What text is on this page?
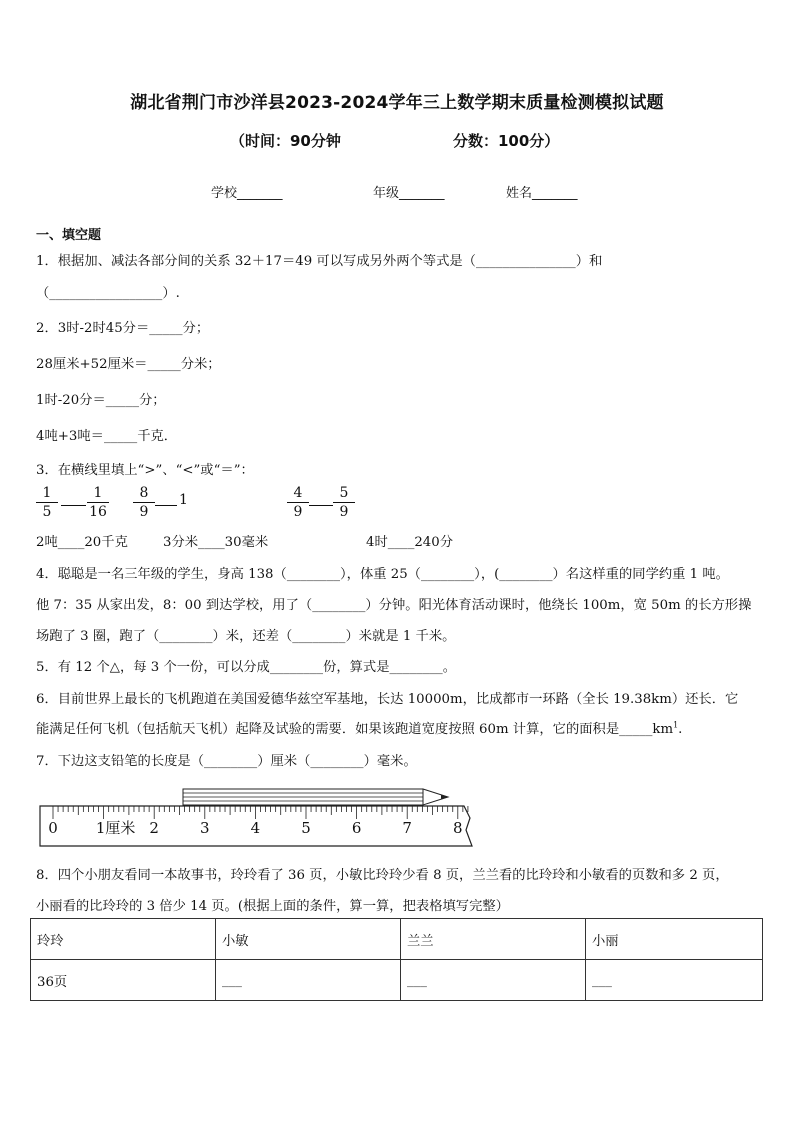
湖北省荆门市沙洋县2023-2024学年三上数学期末质量检测模拟试题
（时间：90分钟	分数：100分）
学校_______	年级_______	姓名_______
一、填空题
1．根据加、减法各部分间的关系 32＋17＝49 可以写成另外两个等式是（_______________）和
（_________________）.
2．3时-2时45分＝_____分；
28厘米+52厘米＝_____分米；
1时-20分＝_____分；
4吨+3吨＝_____千克．
3．在横线里填上“>”、“<”或“＝”：
$\frac{1}{5} \frac{1}{16} \frac{8}{9} 1$	$\frac{4}{9} \frac{5}{9}$
2吨____20千克	3分米____30毫米	4时____240分
4．聪聪是一名三年级的学生，身高 138（________），体重 25（________），(________）名这样重的同学约重 1 吨。
他 7：35 从家出发，8：00 到达学校，用了（________）分钟。阳光体育活动课时，他绕长 100m，宽 50m 的长方形操
场跑了 3 圈，跑了（________）米，还差（________）米就是 1 千米。
5．有 12 个△，每 3 个一份，可以分成________份，算式是________。
6．目前世界上最长的飞机跑道在美国爱德华兹空军基地，长达 10000m，比成都市一环路（全长 19.38km）还长．它
能满足任何飞机（包括航天飞机）起降及试验的需要．如果该跑道宽度按照 60m 计算，它的面积是$\_\_\_\_\_km^1$.
7．下边这支铅笔的长度是（________）厘米（________）毫米。
0	1厘米 2	3	4	5	6	7	8
8．四个小朋友看同一本故事书，玲玲看了 36 页，小敏比玲玲少看 8 页，兰兰看的比玲玲和小敏看的页数和多 2 页，
小丽看的比玲玲的 3 倍少 14 页。(根据上面的条件，算一算，把表格填写完整）
玲玲	小敏	兰兰	小丽
36页	___	___	___
